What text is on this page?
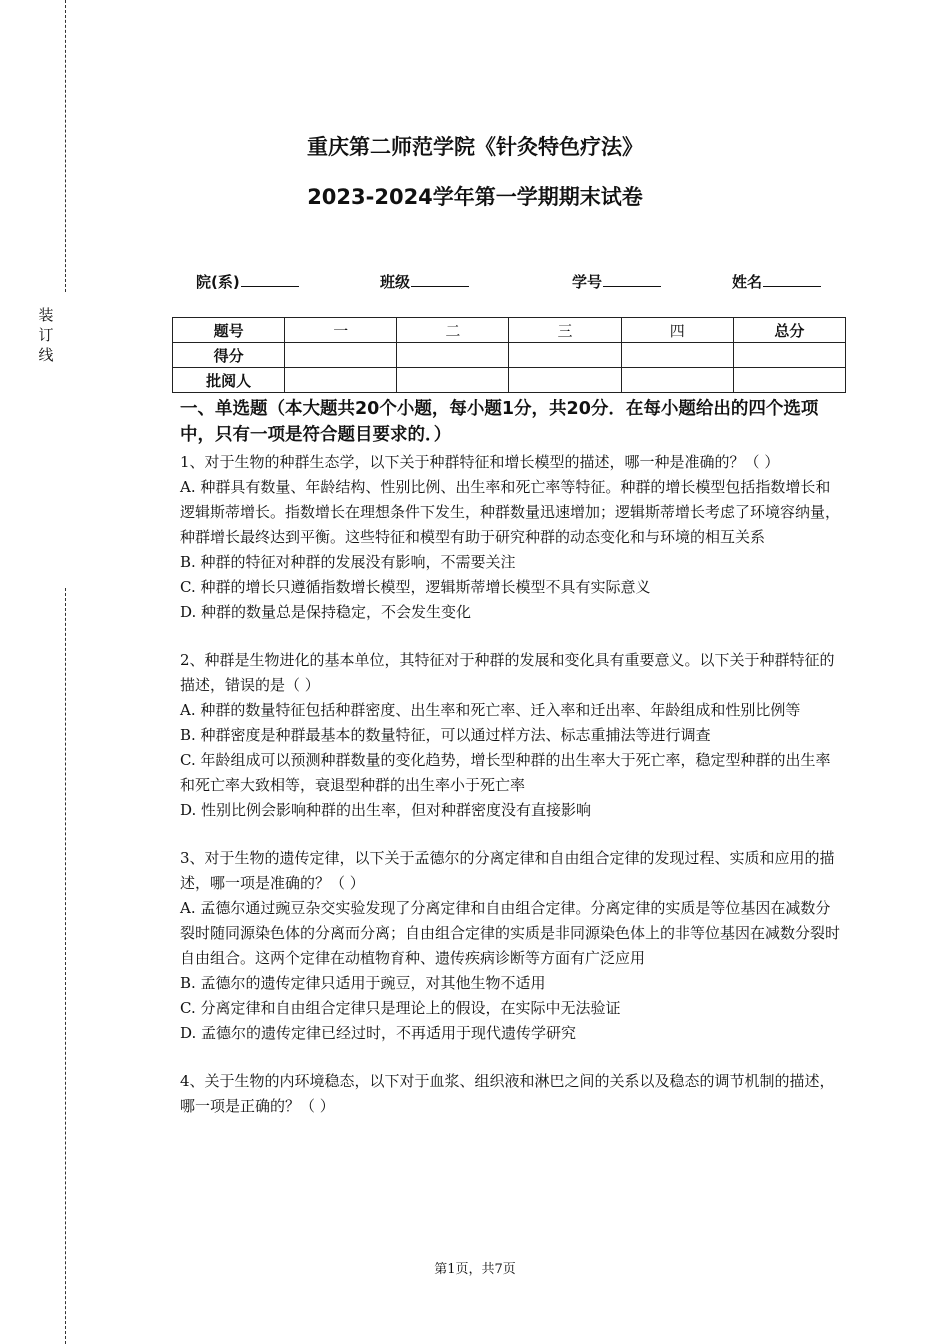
装
订
线
重庆第二师范学院《针灸特色疗法》
2023-2024学年第一学期期末试卷
院(系)	班级	学号	姓名
题号	一	二	三	四	总分
得分					
批阅人					

一、单选题（本大题共20个小题，每小题1分，共20分．在每小题给出的四个选项中，只有一项是符合题目要求的．）

1、对于生物的种群生态学，以下关于种群特征和增长模型的描述，哪一种是准确的？（ ）

A. 种群具有数量、年龄结构、性别比例、出生率和死亡率等特征。种群的增长模型包括指数增长和逻辑斯蒂增长。指数增长在理想条件下发生，种群数量迅速增加；逻辑斯蒂增长考虑了环境容纳量，种群增长最终达到平衡。这些特征和模型有助于研究种群的动态变化和与环境的相互关系

B. 种群的特征对种群的发展没有影响，不需要关注

C. 种群的增长只遵循指数增长模型，逻辑斯蒂增长模型不具有实际意义

D. 种群的数量总是保持稳定，不会发生变化

2、种群是生物进化的基本单位，其特征对于种群的发展和变化具有重要意义。以下关于种群特征的描述，错误的是（ ）

A. 种群的数量特征包括种群密度、出生率和死亡率、迁入率和迁出率、年龄组成和性别比例等

B. 种群密度是种群最基本的数量特征，可以通过样方法、标志重捕法等进行调查

C. 年龄组成可以预测种群数量的变化趋势，增长型种群的出生率大于死亡率，稳定型种群的出生率和死亡率大致相等，衰退型种群的出生率小于死亡率

D. 性别比例会影响种群的出生率，但对种群密度没有直接影响

3、对于生物的遗传定律，以下关于孟德尔的分离定律和自由组合定律的发现过程、实质和应用的描述，哪一项是准确的？（ ）

A. 孟德尔通过豌豆杂交实验发现了分离定律和自由组合定律。分离定律的实质是等位基因在减数分裂时随同源染色体的分离而分离；自由组合定律的实质是非同源染色体上的非等位基因在减数分裂时自由组合。这两个定律在动植物育种、遗传疾病诊断等方面有广泛应用

B. 孟德尔的遗传定律只适用于豌豆，对其他生物不适用

C. 分离定律和自由组合定律只是理论上的假设，在实际中无法验证

D. 孟德尔的遗传定律已经过时，不再适用于现代遗传学研究

4、关于生物的内环境稳态，以下对于血浆、组织液和淋巴之间的关系以及稳态的调节机制的描述，哪一项是正确的？（ ）

第1页，共7页
